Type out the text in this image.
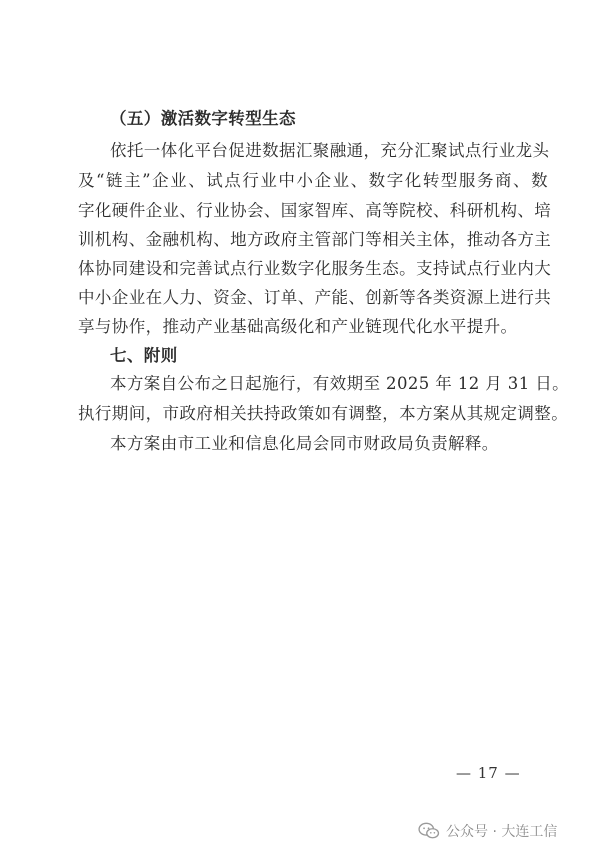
（五）激活数字转型生态
依托一体化平台促进数据汇聚融通，充分汇聚试点行业龙头
及“链主”企业、试点行业中小企业、数字化转型服务商、数
字化硬件企业、行业协会、国家智库、高等院校、科研机构、培
训机构、金融机构、地方政府主管部门等相关主体，推动各方主
体协同建设和完善试点行业数字化服务生态。支持试点行业内大
中小企业在人力、资金、订单、产能、创新等各类资源上进行共
享与协作，推动产业基础高级化和产业链现代化水平提升。
七、附则
本方案自公布之日起施行，有效期至 2025 年 12 月 31 日。
执行期间，市政府相关扶持政策如有调整，本方案从其规定调整。
本方案由市工业和信息化局会同市财政局负责解释。
— 17 —
公众号 · 大连工信
